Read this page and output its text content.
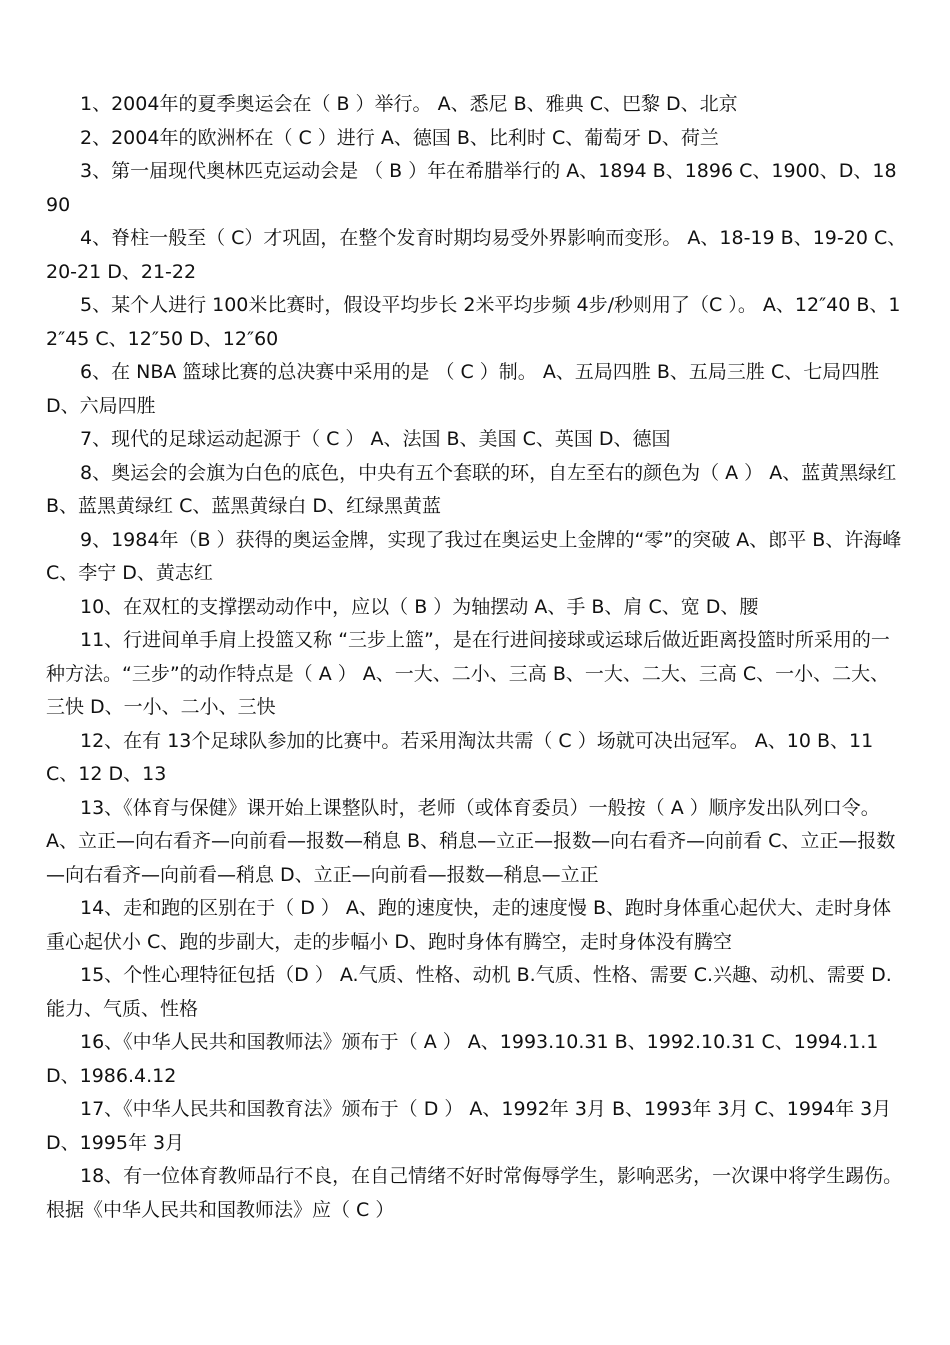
1、2004年的夏季奥运会在（ B ）举行。 A、悉尼 B、雅典 C、巴黎 D、北京

2、2004年的欧洲杯在（ C ）进行 A、德国 B、比利时 C、葡萄牙 D、荷兰

3、第一届现代奥林匹克运动会是 （ B ）年在希腊举行的 A、1894 B、1896 C、1900、D、1890

4、脊柱一般至（ C）才巩固，在整个发育时期均易受外界影响而变形。 A、18-19 B、19-20 C、20-21 D、21-22

5、某个人进行 100米比赛时，假设平均步长 2米平均步频 4步/秒则用了（C ）。 A、12″40 B、12″45 C、12″50 D、12″60

6、在 NBA 篮球比赛的总决赛中采用的是 （ C ）制。 A、五局四胜 B、五局三胜 C、七局四胜 D、六局四胜

7、现代的足球运动起源于（ C ） A、法国 B、美国 C、英国 D、德国

8、奥运会的会旗为白色的底色，中央有五个套联的环，自左至右的颜色为（ A ） A、蓝黄黑绿红 B、蓝黑黄绿红 C、蓝黑黄绿白 D、红绿黑黄蓝

9、1984年（B ）获得的奥运金牌，实现了我过在奥运史上金牌的“零”的突破 A、郎平 B、许海峰 C、李宁 D、黄志红

10、在双杠的支撑摆动动作中，应以（ B ）为轴摆动 A、手 B、肩 C、宽 D、腰

11、行进间单手肩上投篮又称 “三步上篮”，是在行进间接球或运球后做近距离投篮时所采用的一种方法。“三步”的动作特点是（ A ） A、一大、二小、三高 B、一大、二大、三高 C、一小、二大、三快 D、一小、二小、三快

12、在有 13个足球队参加的比赛中。若采用淘汰共需（ C ）场就可决出冠军。 A、10 B、11 C、12 D、13

13、《体育与保健》课开始上课整队时，老师（或体育委员）一般按（ A ）顺序发出队列口令。 A、立正—向右看齐—向前看—报数—稍息 B、稍息—立正—报数—向右看齐—向前看 C、立正—报数—向右看齐—向前看—稍息 D、立正—向前看—报数—稍息—立正

14、走和跑的区别在于（ D ） A、跑的速度快，走的速度慢 B、跑时身体重心起伏大、走时身体重心起伏小 C、跑的步副大，走的步幅小 D、跑时身体有腾空，走时身体没有腾空

15、个性心理特征包括（D ） A.气质、性格、动机 B.气质、性格、需要 C.兴趣、动机、需要 D.能力、气质、性格

16、《中华人民共和国教师法》颁布于（ A ） A、1993.10.31 B、1992.10.31 C、1994.1.1 D、1986.4.12

17、《中华人民共和国教育法》颁布于（ D ） A、1992年 3月 B、1993年 3月 C、1994年 3月 D、1995年 3月

18、有一位体育教师品行不良，在自己情绪不好时常侮辱学生，影响恶劣，一次课中将学生踢伤。根据《中华人民共和国教师法》应（ C ）
